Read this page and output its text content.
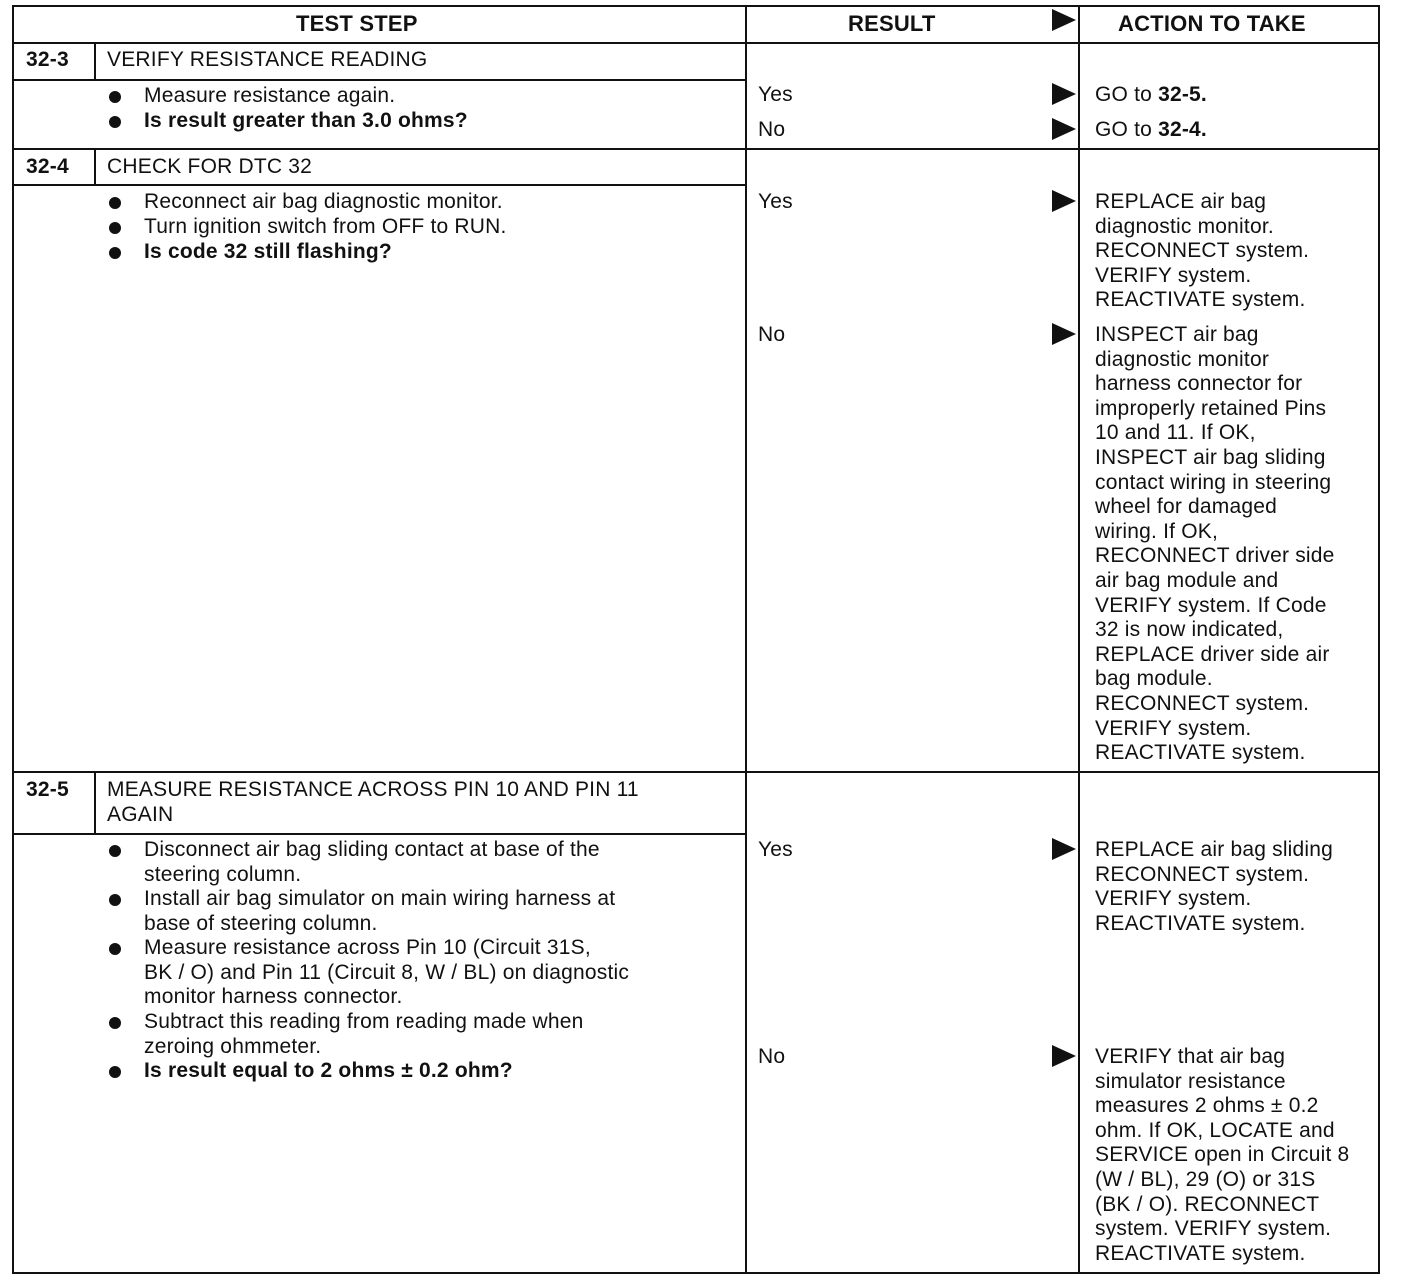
TEST STEP	RESULT	ACTION TO TAKE
32-3 VERIFY RESISTANCE READING
Measure resistance again.
Is result greater than 3.0 ohms?
Yes	GO to 32-5.
No	GO to 32-4.
32-4 CHECK FOR DTC 32
Reconnect air bag diagnostic monitor.
Turn ignition switch from OFF to RUN.
Is code 32 still flashing?
Yes	REPLACE air bag
diagnostic monitor.
RECONNECT system.
VERIFY system.
REACTIVATE system.
No	INSPECT air bag
diagnostic monitor
harness connector for
improperly retained Pins
10 and 11. If OK,
INSPECT air bag sliding
contact wiring in steering
wheel for damaged
wiring. If OK,
RECONNECT driver side
air bag module and
VERIFY system. If Code
32 is now indicated,
REPLACE driver side air
bag module.
RECONNECT system.
VERIFY system.
REACTIVATE system.
32-5 MEASURE RESISTANCE ACROSS PIN 10 AND PIN 11
AGAIN
Disconnect air bag sliding contact at base of the
steering column.
Install air bag simulator on main wiring harness at
base of steering column.
Measure resistance across Pin 10 (Circuit 31S,
BK / O) and Pin 11 (Circuit 8, W / BL) on diagnostic
monitor harness connector.
Subtract this reading from reading made when
zeroing ohmmeter.
Is result equal to 2 ohms ± 0.2 ohm?
Yes	REPLACE air bag sliding
RECONNECT system.
VERIFY system.
REACTIVATE system.
No	VERIFY that air bag
simulator resistance
measures 2 ohms ± 0.2
ohm. If OK, LOCATE and
SERVICE open in Circuit 8
(W / BL), 29 (O) or 31S
(BK / O). RECONNECT
system. VERIFY system.
REACTIVATE system.
